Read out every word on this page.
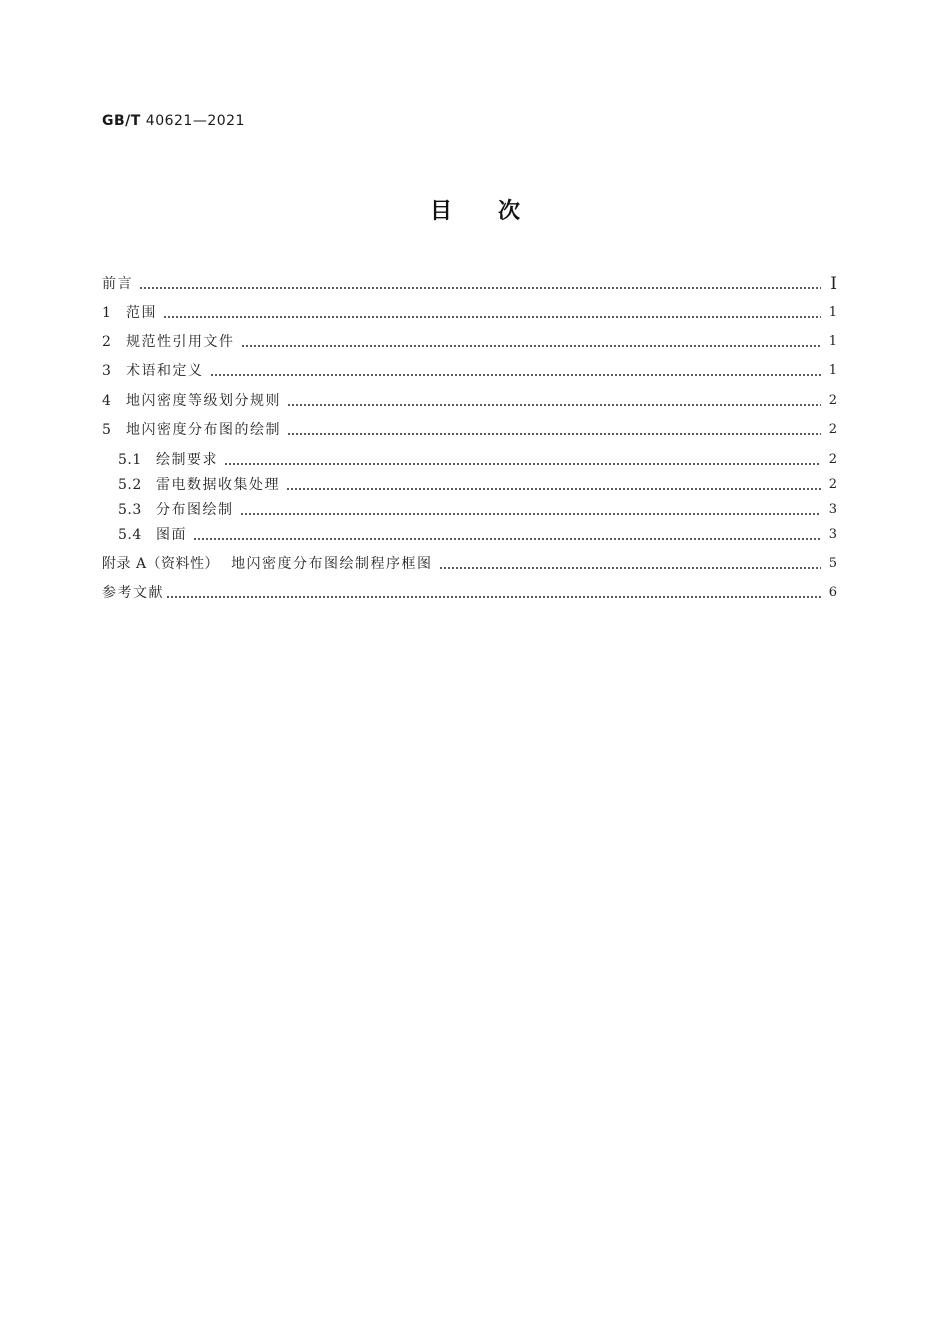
GB/T 40621—2021
目次
前言	Ⅰ
1 范围	1
2 规范性引用文件	1
3 术语和定义	1
4 地闪密度等级划分规则	2
5 地闪密度分布图的绘制	2
5.1 绘制要求	2
5.2 雷电数据收集处理	2
5.3 分布图绘制	3
5.4 图面	3
附录 A（资料性） 地闪密度分布图绘制程序框图	5
参考文献	6
